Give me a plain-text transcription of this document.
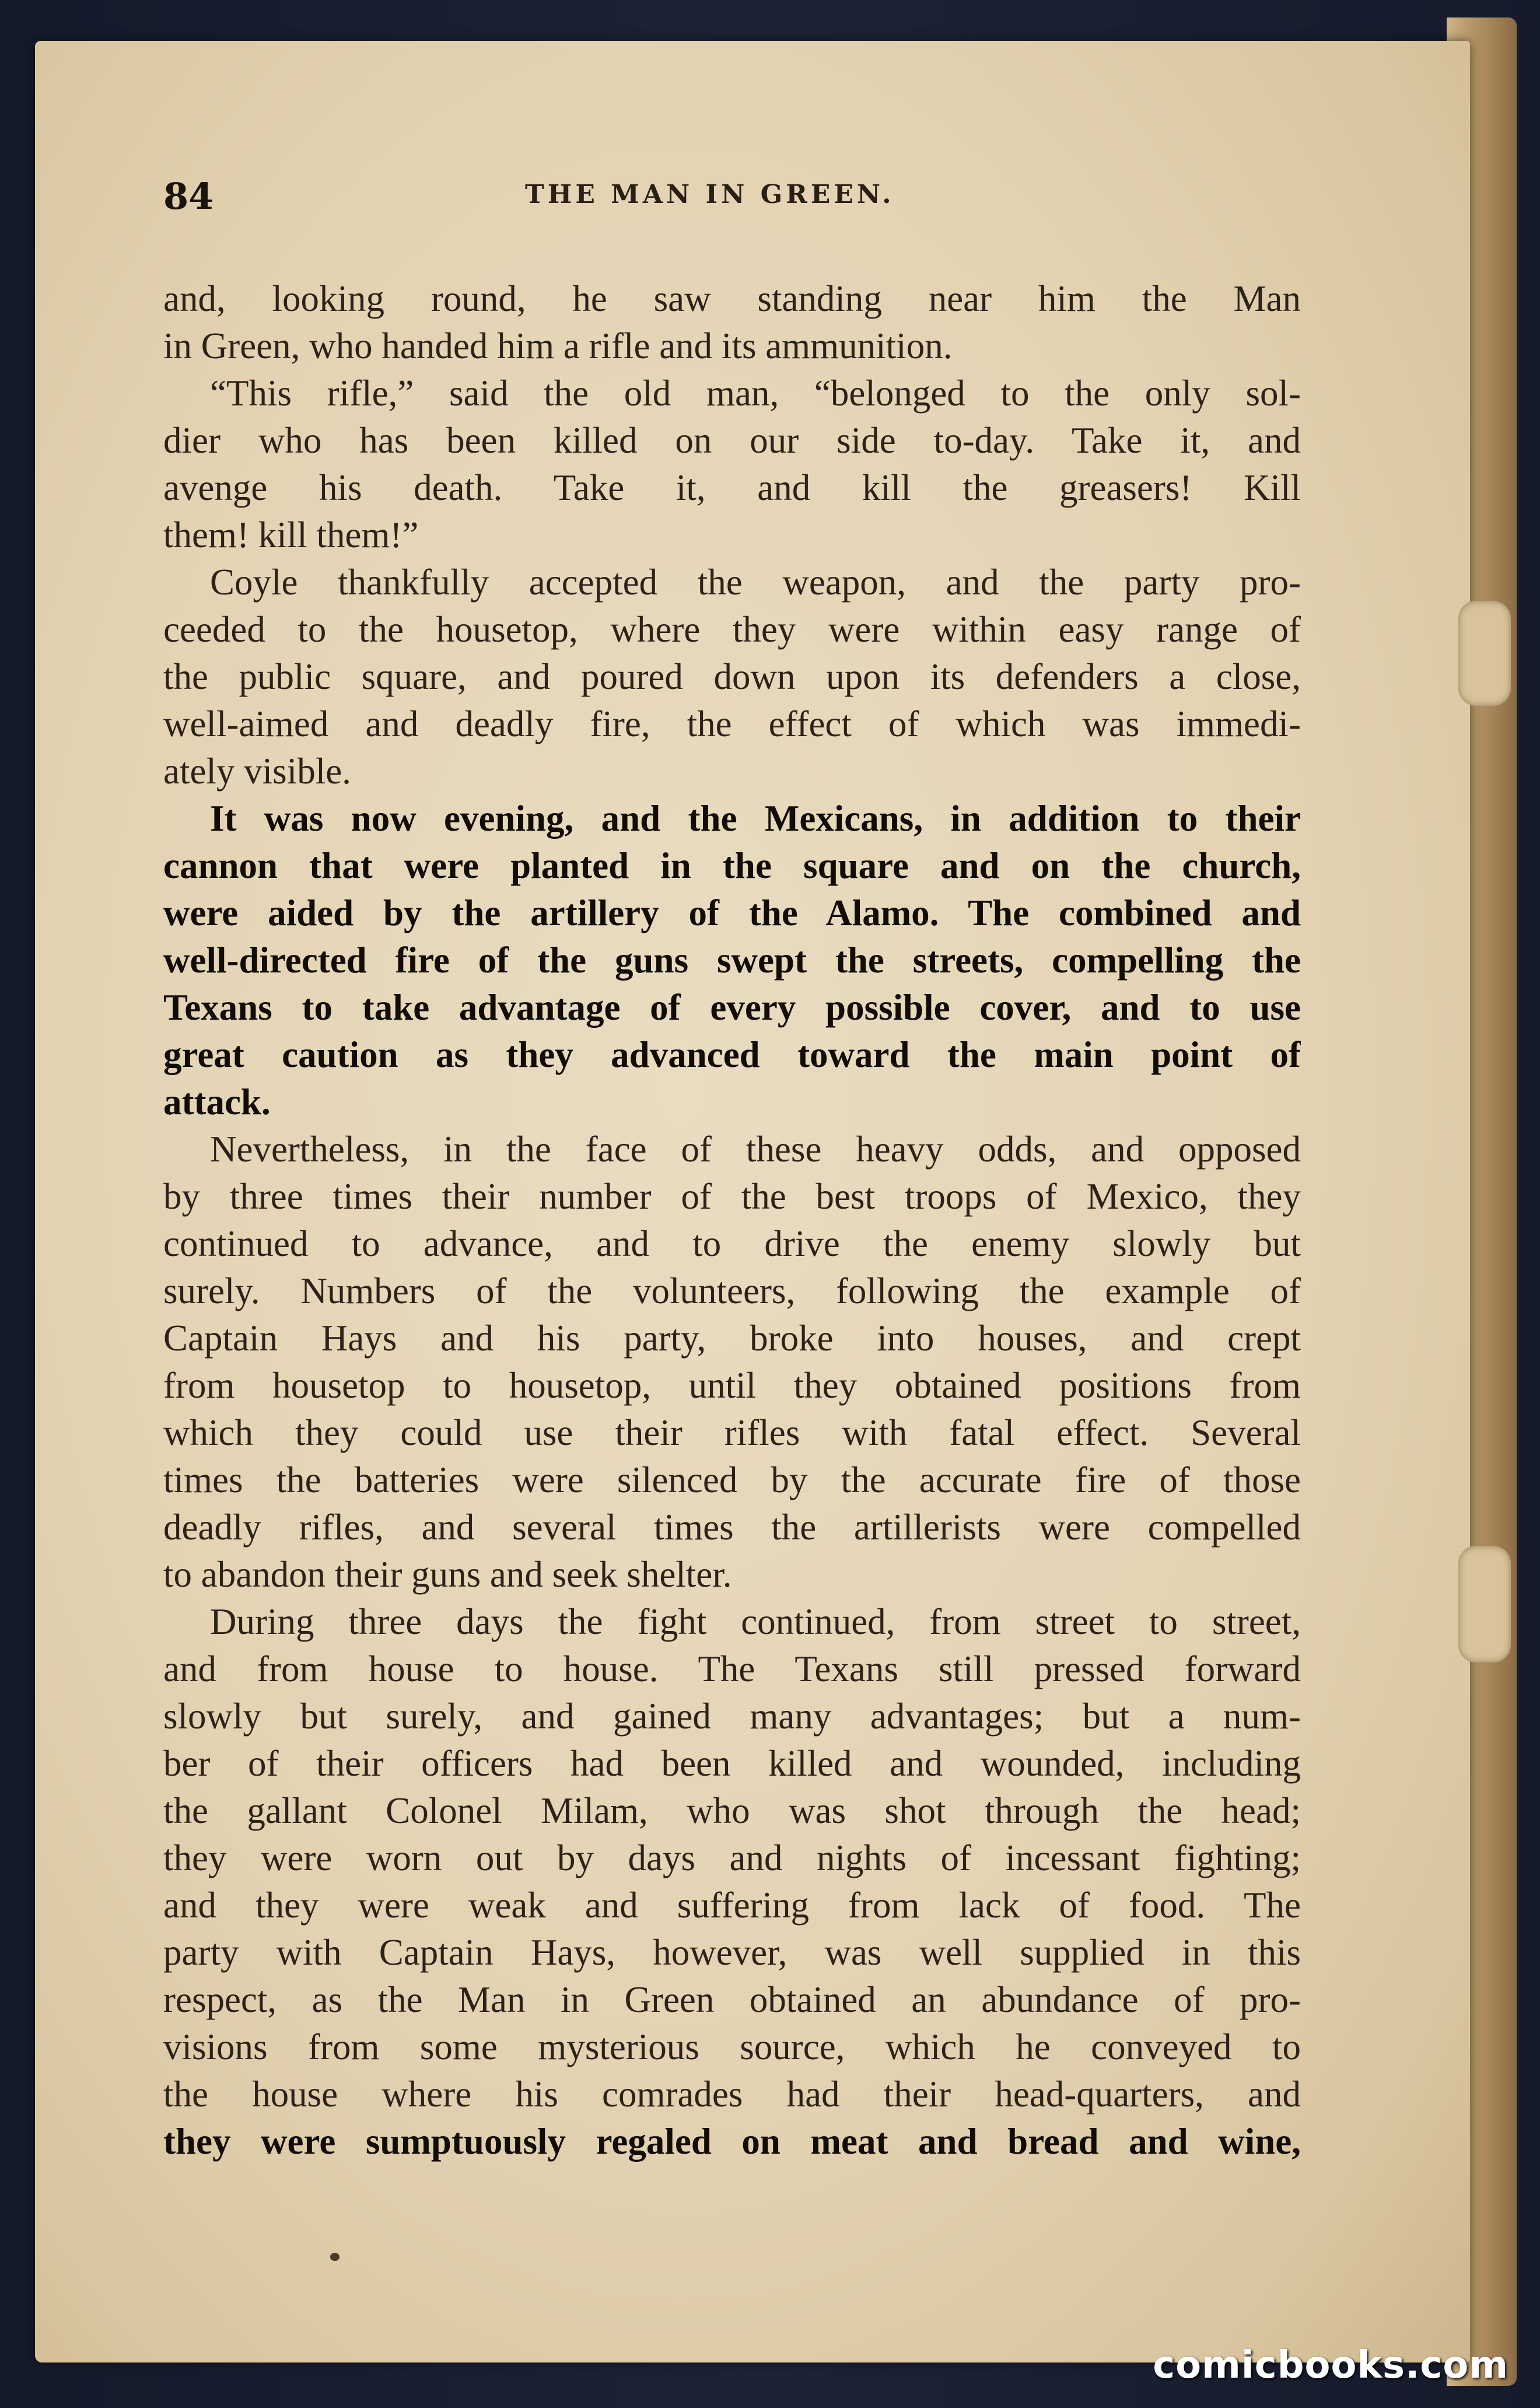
84	THE MAN IN GREEN.
and, looking round, he saw standing near him the Man
in Green, who handed him a rifle and its ammunition.
“This rifle,” said the old man, “belonged to the only sol-
dier who has been killed on our side to-day. Take it, and
avenge his death. Take it, and kill the greasers! Kill
them! kill them!”
Coyle thankfully accepted the weapon, and the party pro-
ceeded to the housetop, where they were within easy range of
the public square, and poured down upon its defenders a close,
well-aimed and deadly fire, the effect of which was immedi-
ately visible.
It was now evening, and the Mexicans, in addition to their
cannon that were planted in the square and on the church,
were aided by the artillery of the Alamo. The combined and
well-directed fire of the guns swept the streets, compelling the
Texans to take advantage of every possible cover, and to use
great caution as they advanced toward the main point of
attack.
Nevertheless, in the face of these heavy odds, and opposed
by three times their number of the best troops of Mexico, they
continued to advance, and to drive the enemy slowly but
surely. Numbers of the volunteers, following the example of
Captain Hays and his party, broke into houses, and crept
from housetop to housetop, until they obtained positions from
which they could use their rifles with fatal effect. Several
times the batteries were silenced by the accurate fire of those
deadly rifles, and several times the artillerists were compelled
to abandon their guns and seek shelter.
During three days the fight continued, from street to street,
and from house to house. The Texans still pressed forward
slowly but surely, and gained many advantages; but a num-
ber of their officers had been killed and wounded, including
the gallant Colonel Milam, who was shot through the head;
they were worn out by days and nights of incessant fighting;
and they were weak and suffering from lack of food. The
party with Captain Hays, however, was well supplied in this
respect, as the Man in Green obtained an abundance of pro-
visions from some mysterious source, which he conveyed to
the house where his comrades had their head-quarters, and
they were sumptuously regaled on meat and bread and wine,
comicbooks.com
